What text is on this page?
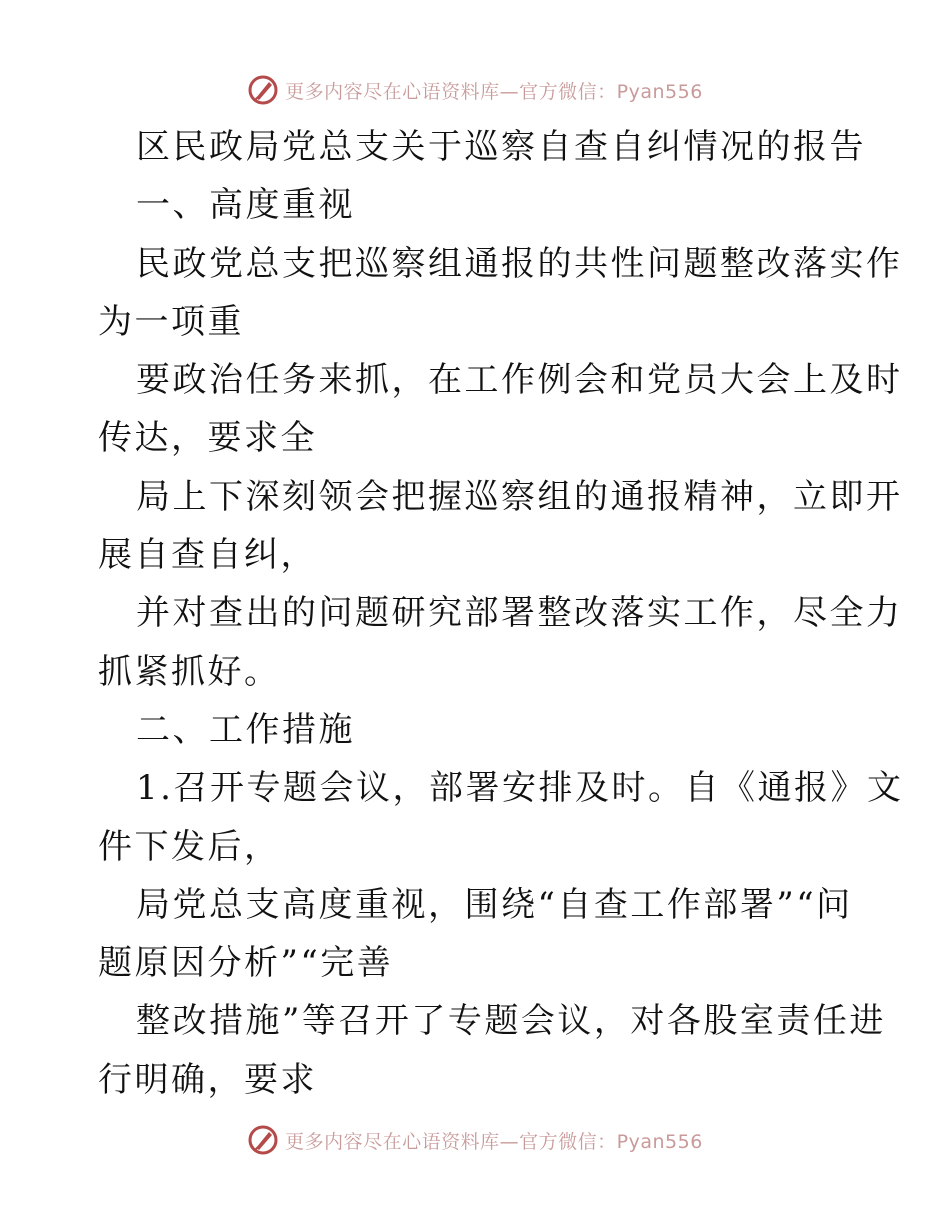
更多内容尽在心语资料库—官方微信：Pyan556
区民政局党总支关于巡察自查自纠情况的报告
一、高度重视
民政党总支把巡察组通报的共性问题整改落实作
为一项重
要政治任务来抓，在工作例会和党员大会上及时
传达，要求全
局上下深刻领会把握巡察组的通报精神，立即开
展自查自纠，
并对查出的问题研究部署整改落实工作，尽全力
抓紧抓好。
二、工作措施
1.召开专题会议，部署安排及时。自《通报》文
件下发后，
局党总支高度重视，围绕“自查工作部署”“问
题原因分析”“完善
整改措施”等召开了专题会议，对各股室责任进
行明确，要求
更多内容尽在心语资料库—官方微信：Pyan556
